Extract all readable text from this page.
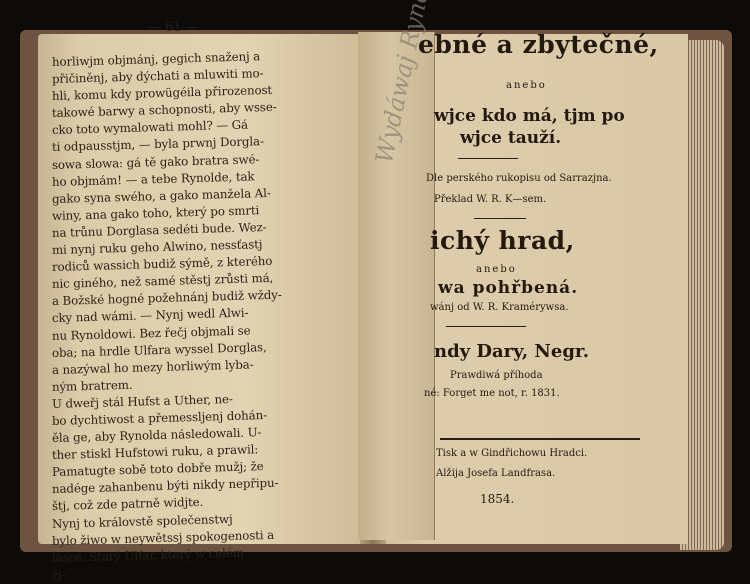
Wydáwaj Rynolde
— 61 —
horliwjm objmánj, gegich snaženj a
přičiněnj, aby dýchati a mluwiti mo-
hli, komu kdy prowügéila přirozenost
takowé barwy a schopnosti, aby wsse-
cko toto wymalowati mohl? — Gá
ti odpausstjm, — byla prwnj Dorgla-
sowa slowa: gá tě gako bratra swé-
ho objmám! — a tebe Rynolde, tak
gako syna swého, a gako manžela Al-
winy, ana gako toho, který po smrti
na trůnu Dorglasa sedéti bude. Wez-
mi nynj ruku geho Alwino, nessťastj
rodiců wassich budiž sýmě, z kterého
nic giného, než samé stěstj zrůsti má,
a Božské hogné požehnánj budiž wždy-
cky nad wámi. — Nynj wedl Alwi-
nu Rynoldowi. Bez řečj objmali se
oba; na hrdle Ulfara wyssel Dorglas,
a nazýwal ho mezy horliwým lyba-
ným bratrem.
U dweřj stál Hufst a Uther, ne-
bo dychtiwost a přemessljenj dohán-
ěla ge, aby Rynolda následowali. U-
ther stiskl Hufstowi ruku, a prawil:
Pamatugte sobě toto dobře mužj; že
nadége zahanbenu býti nikdy nepřipu-
štj, což zde patrně widjte.
Nynj to královstě společenstwj
bylo žiwo w neywětssj spokogenosti a
lásce. Starý Ulfar, který w celém
žj-
ebné a zbytečné,
anebo
wjce kdo má, tjm po
wjce tauží.
Dle perského rukopisu od Sarrazjna.
Překlad W. R. K—sem.
ichý hrad,
anebo
wa pohřbená.
wánj od W. R. Kramérywsa.
ndy Dary, Negr.
Prawdiwá příhoda
né: Forget me not, r. 1831.
Tisk a w Gindřichowu Hradci.
Alžija Josefa Landfrasa.
1854.
